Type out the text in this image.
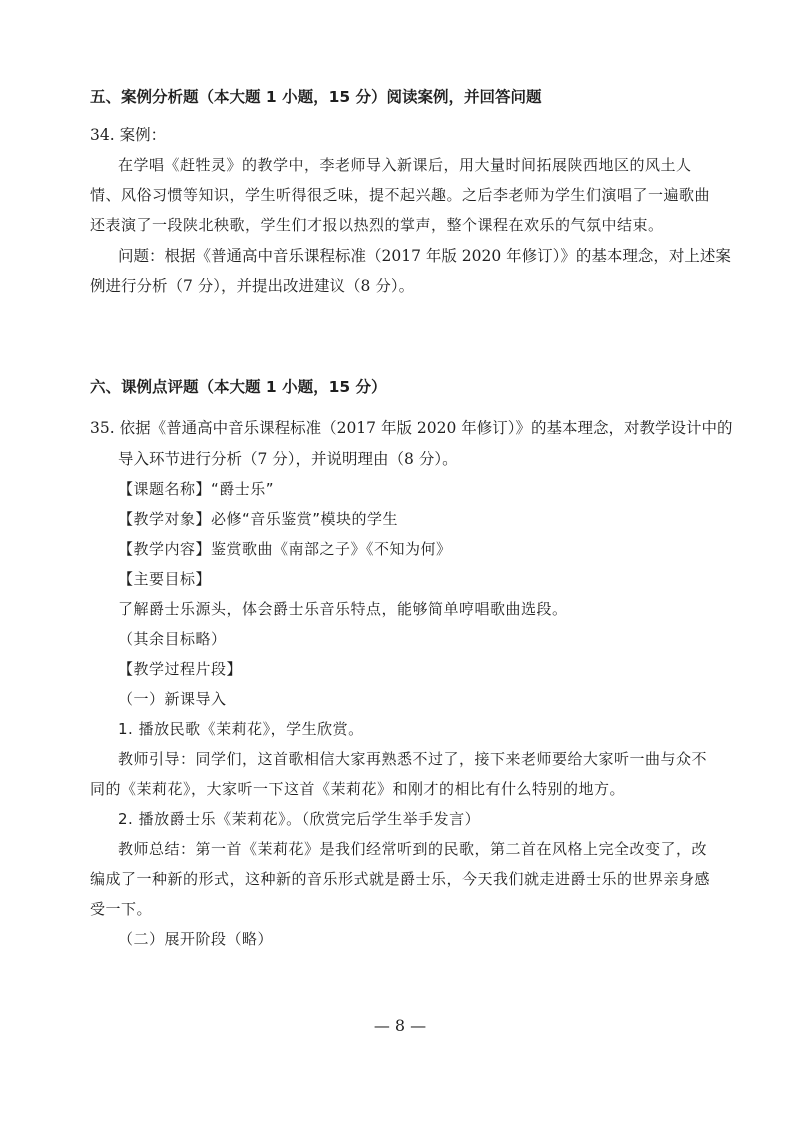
五、案例分析题（本大题 1 小题，15 分）阅读案例，并回答问题
34. 案例：
在学唱《赶牲灵》的教学中，李老师导入新课后，用大量时间拓展陕西地区的风土人
情、风俗习惯等知识，学生听得很乏味，提不起兴趣。之后李老师为学生们演唱了一遍歌曲
还表演了一段陕北秧歌，学生们才报以热烈的掌声，整个课程在欢乐的气氛中结束。
问题：根据《普通高中音乐课程标准（2017 年版 2020 年修订）》的基本理念，对上述案
例进行分析（7 分），并提出改进建议（8 分）。
六、课例点评题（本大题 1 小题，15 分）
35. 依据《普通高中音乐课程标准（2017 年版 2020 年修订）》的基本理念，对教学设计中的
导入环节进行分析（7 分），并说明理由（8 分）。
【课题名称】“爵士乐”
【教学对象】必修“音乐鉴赏”模块的学生
【教学内容】鉴赏歌曲《南部之子》《不知为何》
【主要目标】
了解爵士乐源头，体会爵士乐音乐特点，能够简单哼唱歌曲选段。
（其余目标略）
【教学过程片段】
（一）新课导入
1. 播放民歌《茉莉花》，学生欣赏。
教师引导：同学们，这首歌相信大家再熟悉不过了，接下来老师要给大家听一曲与众不
同的《茉莉花》，大家听一下这首《茉莉花》和刚才的相比有什么特别的地方。
2. 播放爵士乐《茉莉花》。（欣赏完后学生举手发言）
教师总结：第一首《茉莉花》是我们经常听到的民歌，第二首在风格上完全改变了，改
编成了一种新的形式，这种新的音乐形式就是爵士乐，今天我们就走进爵士乐的世界亲身感
受一下。
（二）展开阶段（略）
— 8 —
